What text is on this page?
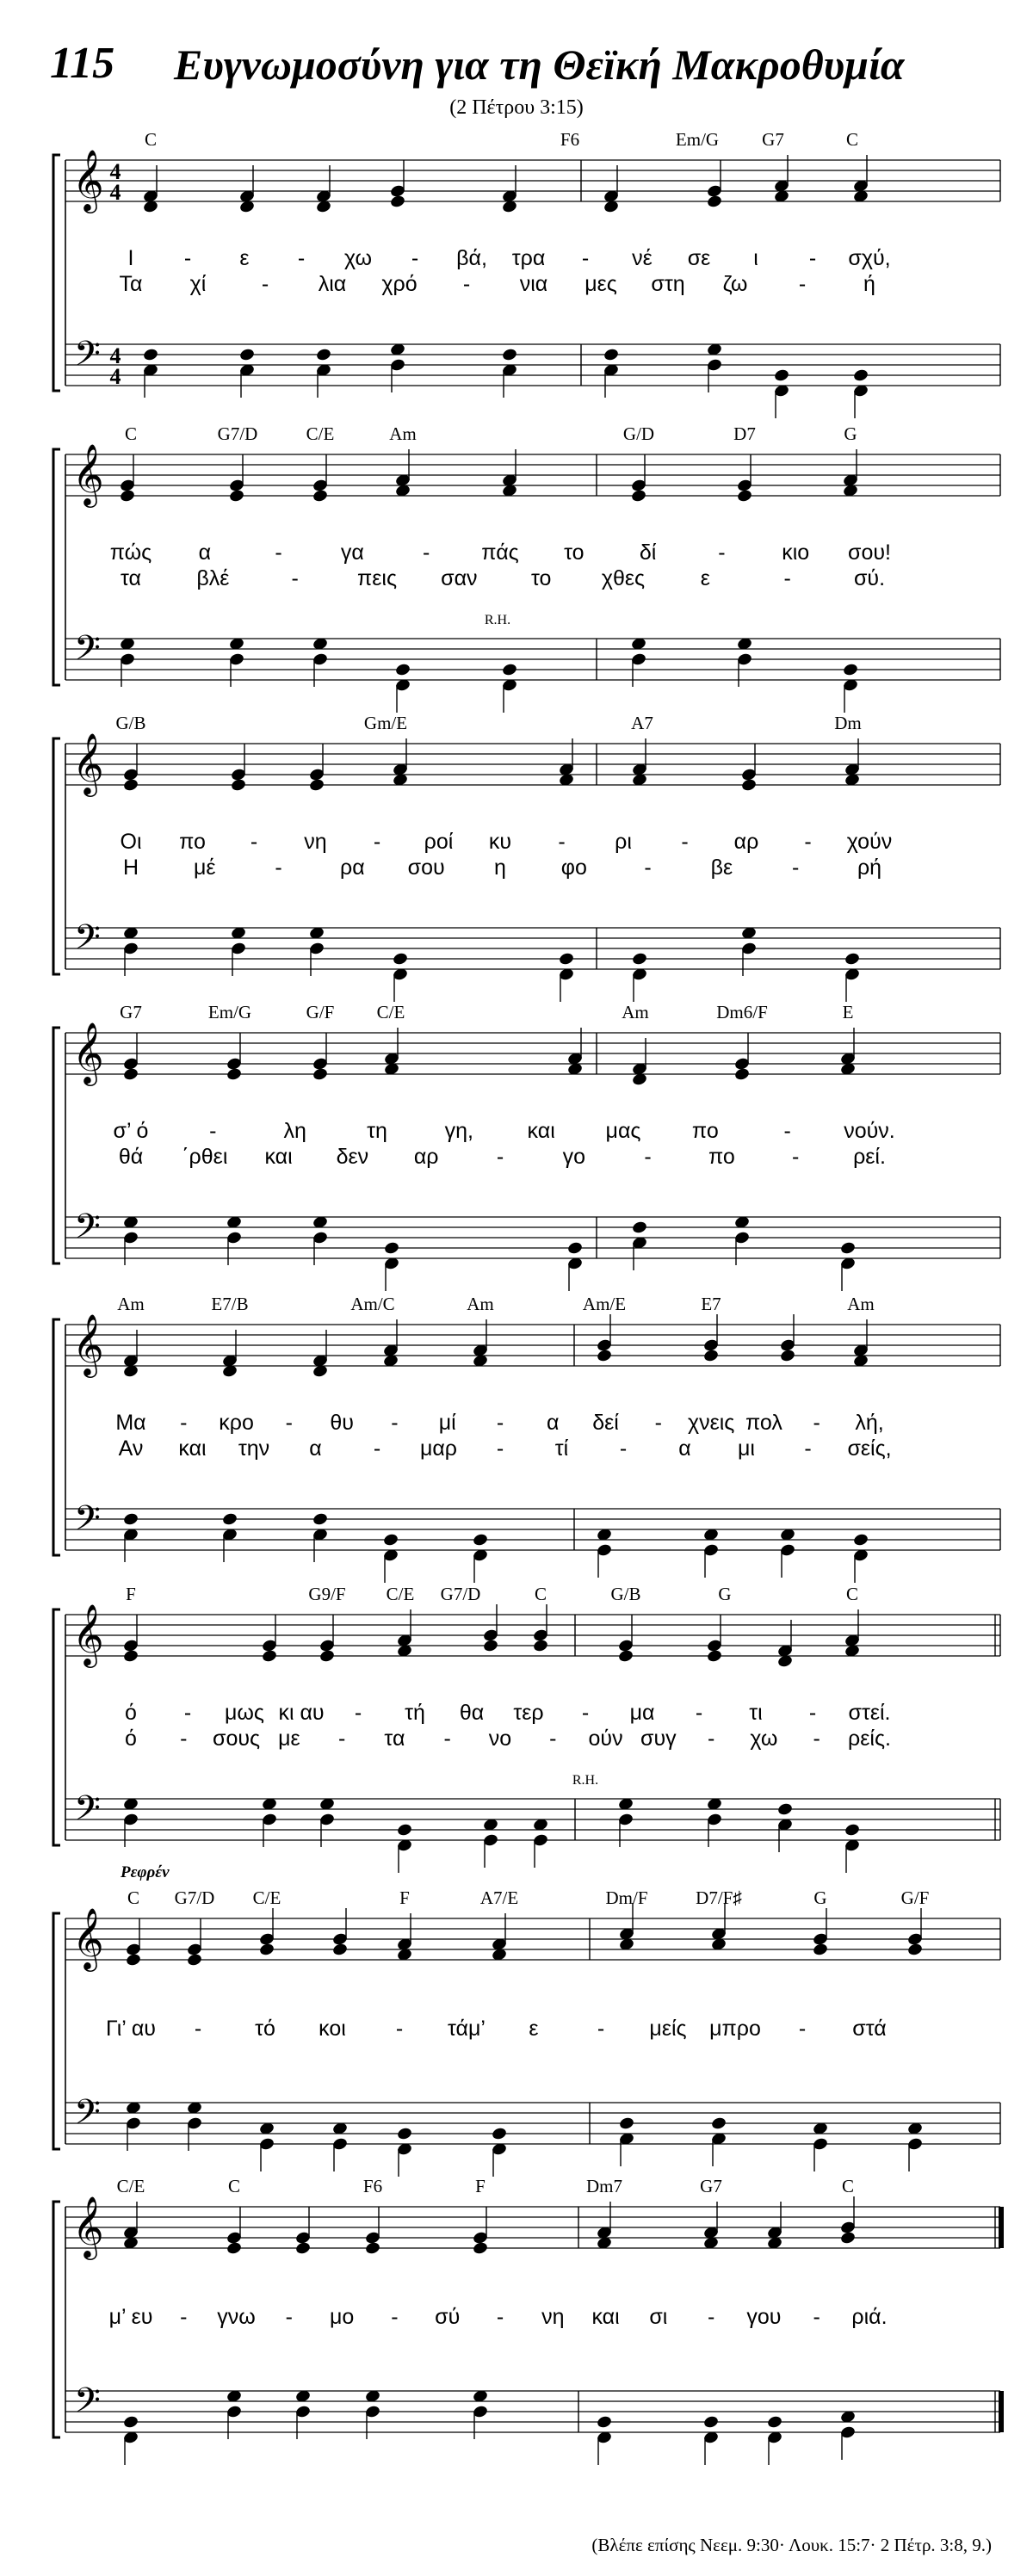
115 Ευγνωμοσύνη για τη Θεϊκή Μακροθυμία
(2 Πέτρου 3:15)
𝄞
𝄢
4
4
4
4
C	F6	Em/G G7	C
Ι - ε - χω - βά, τρα - νέ σε ι - σχύ,
Τα χί	- λια χρό - νια μες στη ζω -	ή
𝄞
𝄢
C	G7/D	C/E	Am	G/D	D7	G
πώς α	-	γα	- πάς το	δί	-	κιο σου!
τα	βλέ	-	πεις σαν το χθες	ε	-	σύ.
R.H.
𝄞
𝄢
G/B	Gm/E	A7	Dm
Οι πο - νη - ροί κυ - ρι - αρ - χούν
Η	μέ	-	ρα σου η	φο	-	βε	-	ρή
𝄞
𝄢
G7	Em/G	G/F C/E	Am	Dm6/F	E
σ’ ό	-	λη	τη	γη,	και μας πο	- νούν.
θά ΄ρθει και δεν αρ	-	γο	-	πο	-	ρεί.
𝄞
𝄢
Am	E7/B	Am/C	Am	Am/E	E7	Am
Μα - κρο - θυ - μί - α δεί - χνεις πολ - λή,
Αν και την α - μαρ - τί - α μι - σείς,
𝄞
𝄢
F	G9/F C/E G7/D	C	G/B	G	C
ό - μως κι αυ - τή θα τερ - μα - τι - στεί.
ό - σους με - τα - νο - ούν συγ - χω - ρείς.
R.H.
𝄞
𝄢
Ρεφρέν
C G7/D C/E	F	A7/E	Dm/F	D7/F♯	G	G/F
Γι’ αυ - τό κοι - τάμ’ ε	- μείς μπρο - στά
𝄞
𝄢
C/E	C	F6	F	Dm7	G7	C
μ’ ευ - γνω - μο - σύ - νη και σι - γου - ριά.
(Βλέπε επίσης Νεεμ. 9:30· Λουκ. 15:7· 2 Πέτρ. 3:8, 9.)
